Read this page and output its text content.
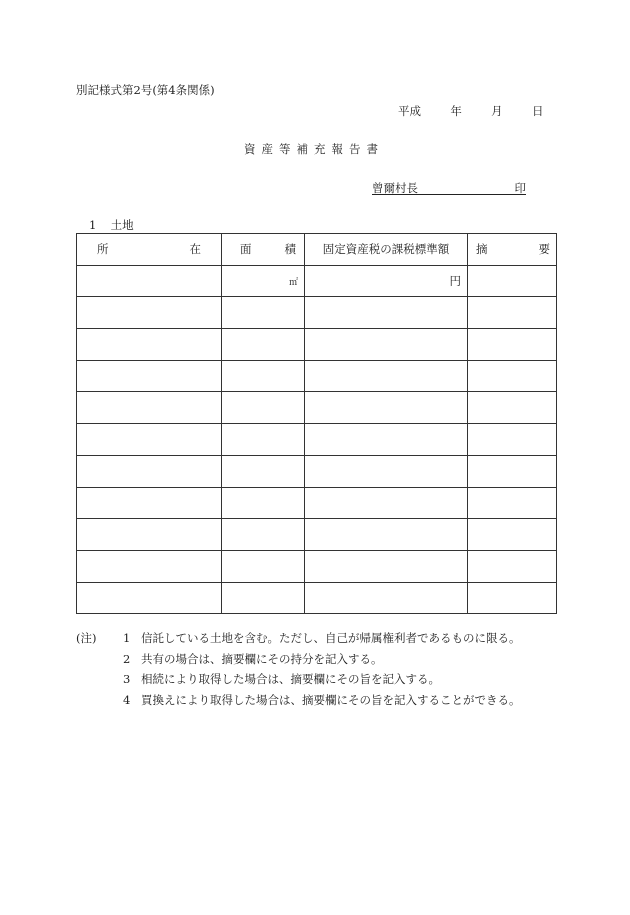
別記様式第2号(第4条関係)
平成	年	月	日
資産等補充報告書
曾爾村長	印
1 土地
所 在	面 積	固定資産税の課税標準額	摘 要

	㎡	円	

(注)	1 信託している土地を含む。ただし、自己が帰属権利者であるものに限る。
2 共有の場合は、摘要欄にその持分を記入する。
3 相続により取得した場合は、摘要欄にその旨を記入する。
4 買換えにより取得した場合は、摘要欄にその旨を記入することができる。
